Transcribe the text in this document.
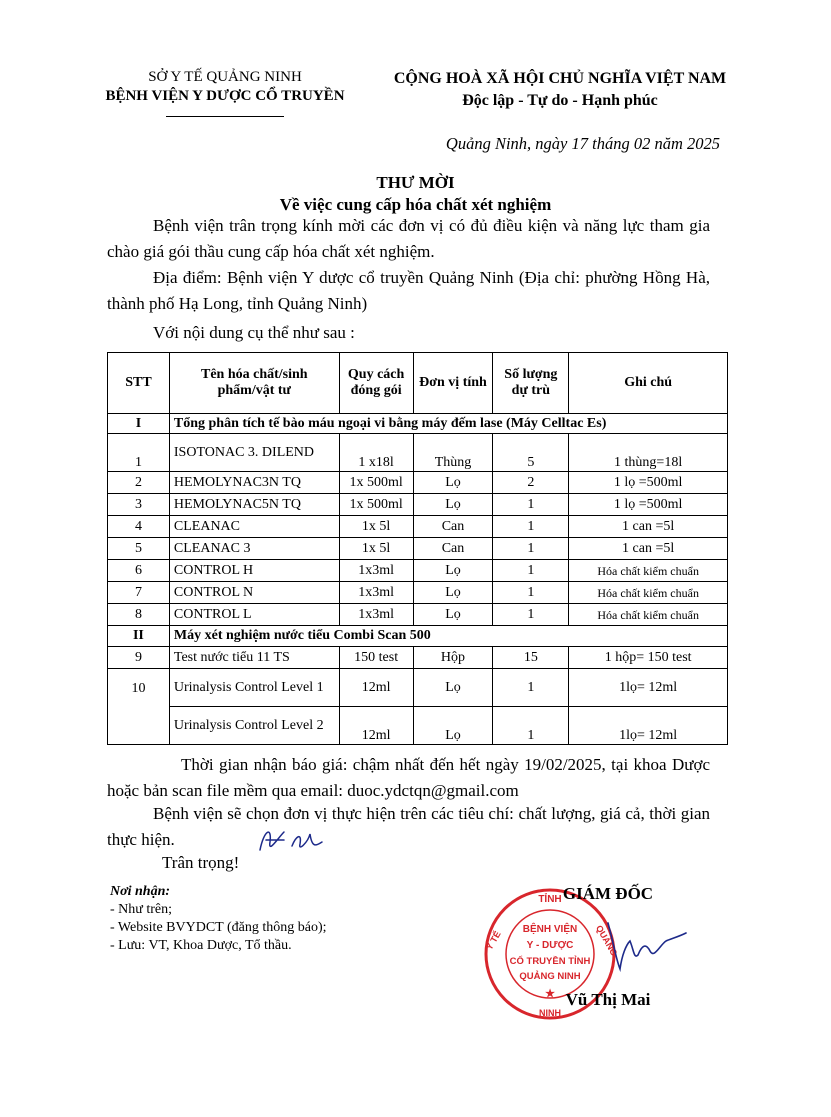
SỞ Y TẾ QUẢNG NINH
BỆNH VIỆN Y DƯỢC CỔ TRUYỀN
CỘNG HOÀ XÃ HỘI CHỦ NGHĨA VIỆT NAM
Độc lập - Tự do - Hạnh phúc
Quảng Ninh, ngày 17 tháng 02 năm 2025
THƯ MỜI
Về việc cung cấp hóa chất xét nghiệm
Bệnh viện trân trọng kính mời các đơn vị có đủ điều kiện và năng lực tham gia chào giá gói thầu cung cấp hóa chất xét nghiệm.
Địa điểm: Bệnh viện Y dược cổ truyền Quảng Ninh (Địa chỉ: phường Hồng Hà, thành phố Hạ Long, tỉnh Quảng Ninh)
Với nội dung cụ thể như sau :
STT	Tên hóa chất/sinh phẩm/vật tư	Quy cách đóng gói	Đơn vị tính	Số lượng dự trù	Ghi chú
I	Tổng phân tích tế bào máu ngoại vi bằng máy đếm lase (Máy Celltac Es)				
1	ISOTONAC 3. DILEND	1 x18l	Thùng	5	1 thùng=18l
2	HEMOLYNAC3N TQ	1x 500ml	Lọ	2	1 lọ =500ml
3	HEMOLYNAC5N TQ	1x 500ml	Lọ	1	1 lọ =500ml
4	CLEANAC	1x 5l	Can	1	1 can =5l
5	CLEANAC 3	1x 5l	Can	1	1 can =5l
6	CONTROL H	1x3ml	Lọ	1	Hóa chất kiểm chuẩn
7	CONTROL N	1x3ml	Lọ	1	Hóa chất kiểm chuẩn
8	CONTROL L	1x3ml	Lọ	1	Hóa chất kiểm chuẩn
II	Máy xét nghiệm nước tiểu Combi Scan 500				
9	Test nước tiểu 11 TS	150 test	Hộp	15	1 hộp= 150 test
10	Urinalysis Control Level 1	12ml	Lọ	1	1lọ= 12ml
	Urinalysis Control Level 2	12ml	Lọ	1	1lọ= 12ml
Thời gian nhận báo giá: chậm nhất đến hết ngày 19/02/2025, tại khoa Dược hoặc bản scan file mềm qua email: duoc.ydctqn@gmail.com
Bệnh viện sẽ chọn đơn vị thực hiện trên các tiêu chí: chất lượng, giá cả, thời gian thực hiện.
Trân trọng!
Nơi nhận:
- Như trên;
- Website BVYDCT (đăng thông báo);
- Lưu: VT, Khoa Dược, Tổ thầu.
TỈNH
Y TẾ	QUẢNG
NINH
BỆNH VIỆN
Y - DƯỢC
CỔ TRUYỀN TỈNH
QUẢNG NINH
★
GIÁM ĐỐC
Vũ Thị Mai
